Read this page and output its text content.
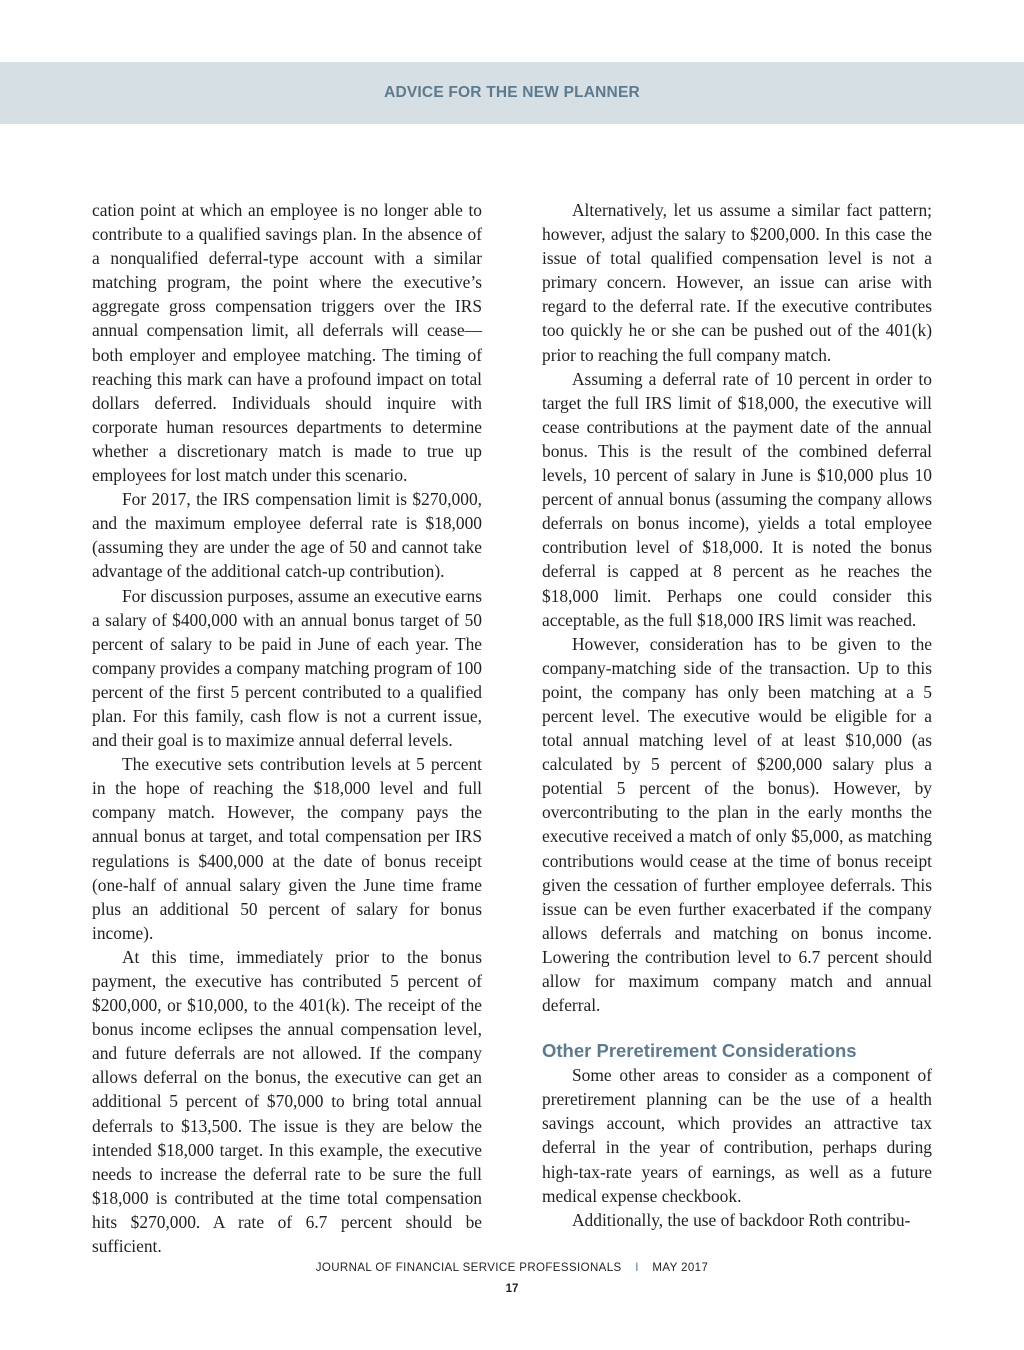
ADVICE FOR THE NEW PLANNER

cation point at which an employee is no longer able to contribute to a qualified savings plan. In the absence of a nonqualified deferral-type account with a similar matching program, the point where the executive’s aggregate gross compensation triggers over the IRS annual compensation limit, all deferrals will cease—both employer and employee matching. The timing of reaching this mark can have a profound impact on total dollars deferred. Individuals should inquire with corporate human resources departments to determine whether a discretionary match is made to true up employees for lost match under this scenario.

For 2017, the IRS compensation limit is $270,000, and the maximum employee deferral rate is $18,000 (assuming they are under the age of 50 and cannot take advantage of the additional catch-up contribution).

For discussion purposes, assume an executive earns a salary of $400,000 with an annual bonus target of 50 percent of salary to be paid in June of each year. The company provides a company matching program of 100 percent of the first 5 percent contributed to a qualified plan. For this family, cash flow is not a current issue, and their goal is to maximize annual deferral levels.

The executive sets contribution levels at 5 percent in the hope of reaching the $18,000 level and full company match. However, the company pays the annual bonus at target, and total compensation per IRS regulations is $400,000 at the date of bonus receipt (one-half of annual salary given the June time frame plus an additional 50 percent of salary for bonus income).

At this time, immediately prior to the bonus payment, the executive has contributed 5 percent of $200,000, or $10,000, to the 401(k). The receipt of the bonus income eclipses the annual compensation level, and future deferrals are not allowed. If the company allows deferral on the bonus, the executive can get an additional 5 percent of $70,000 to bring total annual deferrals to $13,500. The issue is they are below the intended $18,000 target. In this example, the executive needs to increase the deferral rate to be sure the full $18,000 is contributed at the time total compensation hits $270,000. A rate of 6.7 percent should be sufficient.

Alternatively, let us assume a similar fact pattern; however, adjust the salary to $200,000. In this case the issue of total qualified compensation level is not a primary concern. However, an issue can arise with regard to the deferral rate. If the executive contributes too quickly he or she can be pushed out of the 401(k) prior to reaching the full company match.

Assuming a deferral rate of 10 percent in order to target the full IRS limit of $18,000, the executive will cease contributions at the payment date of the annual bonus. This is the result of the combined deferral levels, 10 percent of salary in June is $10,000 plus 10 percent of annual bonus (assuming the company allows deferrals on bonus income), yields a total employee contribution level of $18,000. It is noted the bonus deferral is capped at 8 percent as he reaches the $18,000 limit. Perhaps one could consider this acceptable, as the full $18,000 IRS limit was reached.

However, consideration has to be given to the company-matching side of the transaction. Up to this point, the company has only been matching at a 5 percent level. The executive would be eligible for a total annual matching level of at least $10,000 (as calculated by 5 percent of $200,000 salary plus a potential 5 percent of the bonus). However, by overcontributing to the plan in the early months the executive received a match of only $5,000, as matching contributions would cease at the time of bonus receipt given the cessation of further employee deferrals. This issue can be even further exacerbated if the company allows deferrals and matching on bonus income. Lowering the contribution level to 6.7 percent should allow for maximum company match and annual deferral.

Other Preretirement Considerations

Some other areas to consider as a component of preretirement planning can be the use of a health savings account, which provides an attractive tax deferral in the year of contribution, perhaps during high-tax-rate years of earnings, as well as a future medical expense checkbook.

Additionally, the use of backdoor Roth contribu-

JOURNAL OF FINANCIAL SERVICE PROFESSIONALS I MAY 2017
17
